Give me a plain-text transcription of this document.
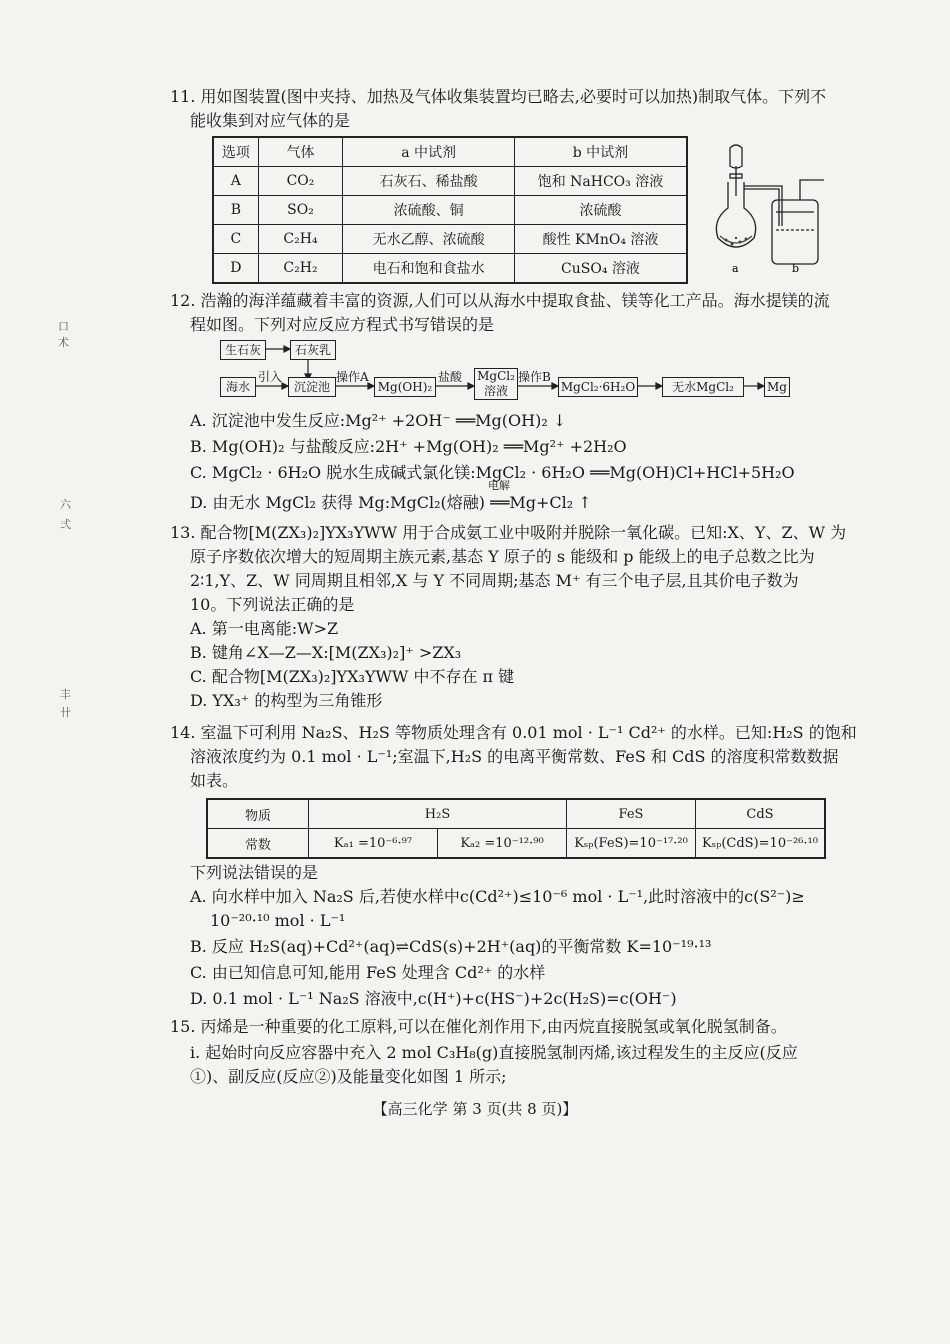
11. 用如图装置(图中夹持、加热及气体收集装置均已略去,必要时可以加热)制取气体。下列不
能收集到对应气体的是
选项	气体	a 中试剂	b 中试剂
A	CO₂	石灰石、稀盐酸	饱和 NaHCO₃ 溶液
B	SO₂	浓硫酸、铜	浓硫酸
C	C₂H₄	无水乙醇、浓硫酸	酸性 KMnO₄ 溶液
D	C₂H₂	电石和饱和食盐水	CuSO₄ 溶液	a	b
12. 浩瀚的海洋蕴藏着丰富的资源,人们可以从海水中提取食盐、镁等化工产品。海水提镁的流
程如图。下列对应反应方程式书写错误的是
生石灰	石灰乳
海水
引入
沉淀池
操作A
Mg(OH)₂
盐酸 MgCl₂
溶液
操作B
MgCl₂·6H₂O	无水MgCl₂	Mg
A. 沉淀池中发生反应:Mg²⁺ +2OH⁻ ══Mg(OH)₂ ↓
B. Mg(OH)₂ 与盐酸反应:2H⁺ +Mg(OH)₂ ══Mg²⁺ +2H₂O
C. MgCl₂ · 6H₂O 脱水生成碱式氯化镁:MgCl₂ · 6H₂O ══Mg(OH)Cl+HCl+5H₂O
电解
D. 由无水 MgCl₂ 获得 Mg:MgCl₂(熔融) ══Mg+Cl₂ ↑
13. 配合物[M(ZX₃)₂]YX₃YWW 用于合成氨工业中吸附并脱除一氧化碳。已知:X、Y、Z、W 为
原子序数依次增大的短周期主族元素,基态 Y 原子的 s 能级和 p 能级上的电子总数之比为
2∶1,Y、Z、W 同周期且相邻,X 与 Y 不同周期;基态 M⁺ 有三个电子层,且其价电子数为
10。下列说法正确的是
A. 第一电离能:W>Z
B. 键角∠X—Z—X:[M(ZX₃)₂]⁺ >ZX₃
C. 配合物[M(ZX₃)₂]YX₃YWW 中不存在 π 键
D. YX₃⁺ 的构型为三角锥形
14. 室温下可利用 Na₂S、H₂S 等物质处理含有 0.01 mol · L⁻¹ Cd²⁺ 的水样。已知:H₂S 的饱和
溶液浓度约为 0.1 mol · L⁻¹;室温下,H₂S 的电离平衡常数、FeS 和 CdS 的溶度积常数数据
如表。
物质	H₂S		FeS	CdS
常数	Kₐ₁ =10⁻⁶·⁹⁷	Kₐ₂ =10⁻¹²·⁹⁰	Kₛₚ(FeS)=10⁻¹⁷·²⁰	Kₛₚ(CdS)=10⁻²⁶·¹⁰
下列说法错误的是
A. 向水样中加入 Na₂S 后,若使水样中c(Cd²⁺)≤10⁻⁶ mol · L⁻¹,此时溶液中的c(S²⁻)≥
10⁻²⁰·¹⁰ mol · L⁻¹
B. 反应 H₂S(aq)+Cd²⁺(aq)⇌CdS(s)+2H⁺(aq)的平衡常数 K=10⁻¹⁹·¹³
C. 由已知信息可知,能用 FeS 处理含 Cd²⁺ 的水样
D. 0.1 mol · L⁻¹ Na₂S 溶液中,c(H⁺)+c(HS⁻)+2c(H₂S)=c(OH⁻)
15. 丙烯是一种重要的化工原料,可以在催化剂作用下,由丙烷直接脱氢或氧化脱氢制备。
ⅰ. 起始时向反应容器中充入 2 mol C₃H₈(g)直接脱氢制丙烯,该过程发生的主反应(反应
①)、副反应(反应②)及能量变化如图 1 所示;
【高三化学 第 3 页(共 8 页)】
口
术
六
弍
丰
卄
